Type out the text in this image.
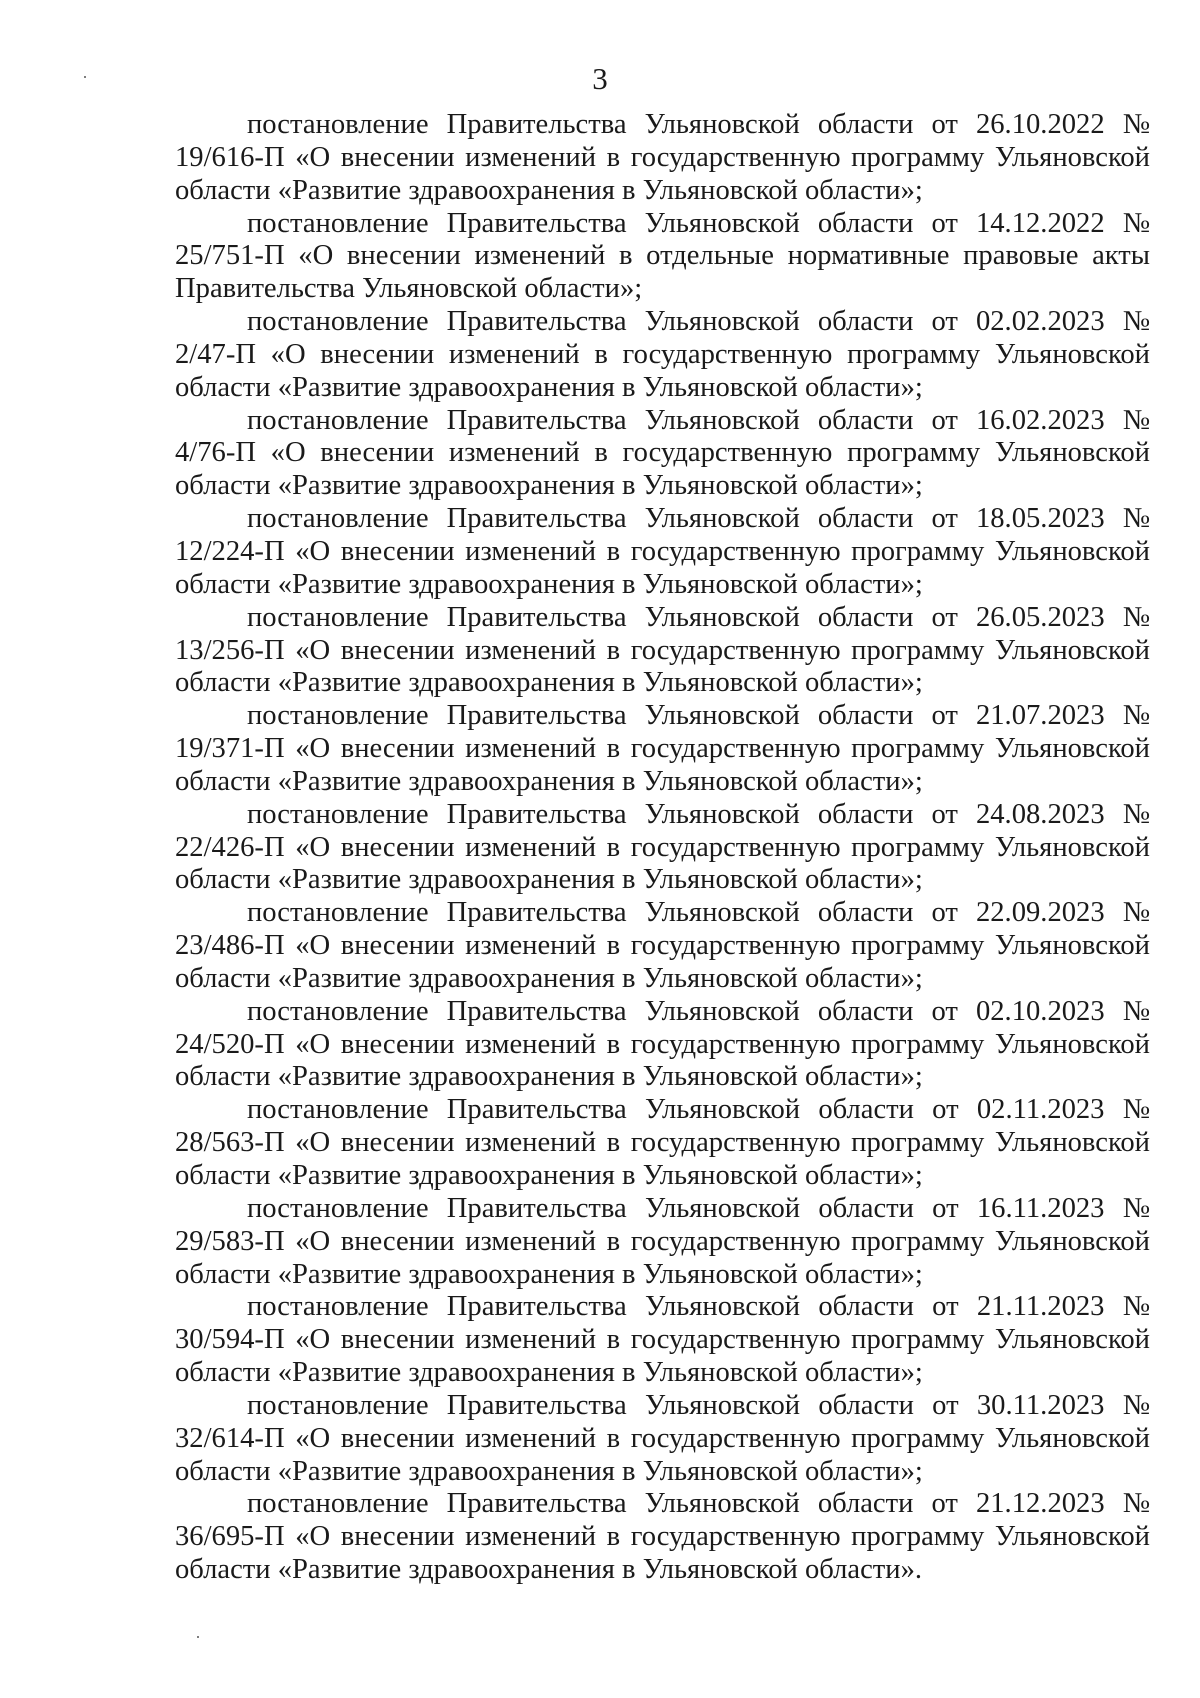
3

постановление Правительства Ульяновской области от 26.10.2022 № 19/616-П «О внесении изменений в государственную программу Ульяновской области «Развитие здравоохранения в Ульяновской области»;

постановление Правительства Ульяновской области от 14.12.2022 № 25/751-П «О внесении изменений в отдельные нормативные правовые акты Правительства Ульяновской области»;

постановление Правительства Ульяновской области от 02.02.2023 № 2/47-П «О внесении изменений в государственную программу Ульяновской области «Развитие здравоохранения в Ульяновской области»;

постановление Правительства Ульяновской области от 16.02.2023 № 4/76-П «О внесении изменений в государственную программу Ульяновской области «Развитие здравоохранения в Ульяновской области»;

постановление Правительства Ульяновской области от 18.05.2023 № 12/224-П «О внесении изменений в государственную программу Ульяновской области «Развитие здравоохранения в Ульяновской области»;

постановление Правительства Ульяновской области от 26.05.2023 № 13/256-П «О внесении изменений в государственную программу Ульяновской области «Развитие здравоохранения в Ульяновской области»;

постановление Правительства Ульяновской области от 21.07.2023 № 19/371-П «О внесении изменений в государственную программу Ульяновской области «Развитие здравоохранения в Ульяновской области»;

постановление Правительства Ульяновской области от 24.08.2023 № 22/426-П «О внесении изменений в государственную программу Ульяновской области «Развитие здравоохранения в Ульяновской области»;

постановление Правительства Ульяновской области от 22.09.2023 № 23/486-П «О внесении изменений в государственную программу Ульяновской области «Развитие здравоохранения в Ульяновской области»;

постановление Правительства Ульяновской области от 02.10.2023 № 24/520-П «О внесении изменений в государственную программу Ульяновской области «Развитие здравоохранения в Ульяновской области»;

постановление Правительства Ульяновской области от 02.11.2023 № 28/563-П «О внесении изменений в государственную программу Ульяновской области «Развитие здравоохранения в Ульяновской области»;

постановление Правительства Ульяновской области от 16.11.2023 № 29/583-П «О внесении изменений в государственную программу Ульяновской области «Развитие здравоохранения в Ульяновской области»;

постановление Правительства Ульяновской области от 21.11.2023 № 30/594-П «О внесении изменений в государственную программу Ульяновской области «Развитие здравоохранения в Ульяновской области»;

постановление Правительства Ульяновской области от 30.11.2023 № 32/614-П «О внесении изменений в государственную программу Ульяновской области «Развитие здравоохранения в Ульяновской области»;

постановление Правительства Ульяновской области от 21.12.2023 № 36/695-П «О внесении изменений в государственную программу Ульяновской области «Развитие здравоохранения в Ульяновской области».
